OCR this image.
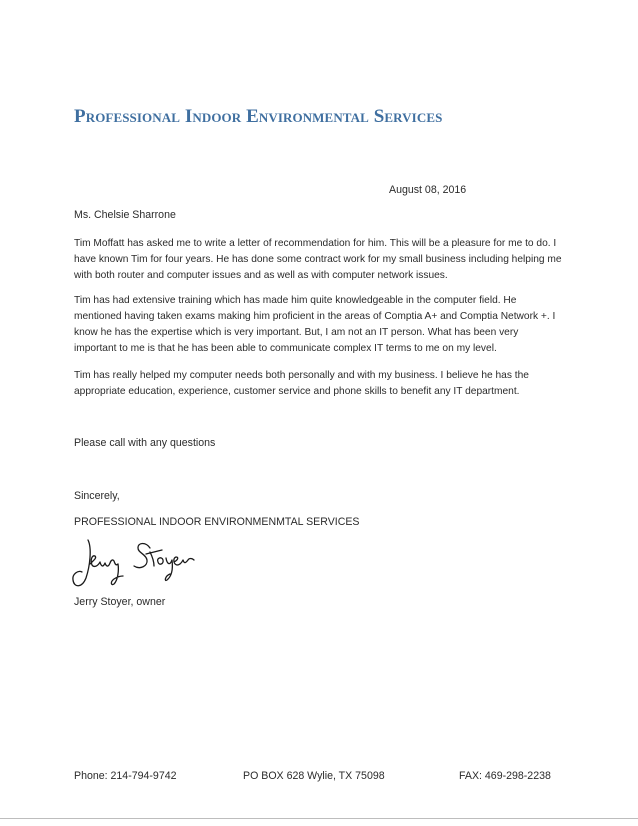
Professional Indoor Environmental Services
August 08, 2016
Ms. Chelsie Sharrone

Tim Moffatt has asked me to write a letter of recommendation for him. This will be a pleasure for me to do. I have known Tim for four years. He has done some contract work for my small business including helping me with both router and computer issues and as well as with computer network issues.

Tim has had extensive training which has made him quite knowledgeable in the computer field. He mentioned having taken exams making him proficient in the areas of Comptia A+ and Comptia Network +. I know he has the expertise which is very important. But, I am not an IT person. What has been very important to me is that he has been able to communicate complex IT terms to me on my level.

Tim has really helped my computer needs both personally and with my business. I believe he has the appropriate education, experience, customer service and phone skills to benefit any IT department.

Please call with any questions
Sincerely,
PROFESSIONAL INDOOR ENVIRONMENMTAL SERVICES
Jerry Stoyer, owner
Phone: 214-794-9742	PO BOX 628 Wylie, TX 75098	FAX: 469-298-2238
